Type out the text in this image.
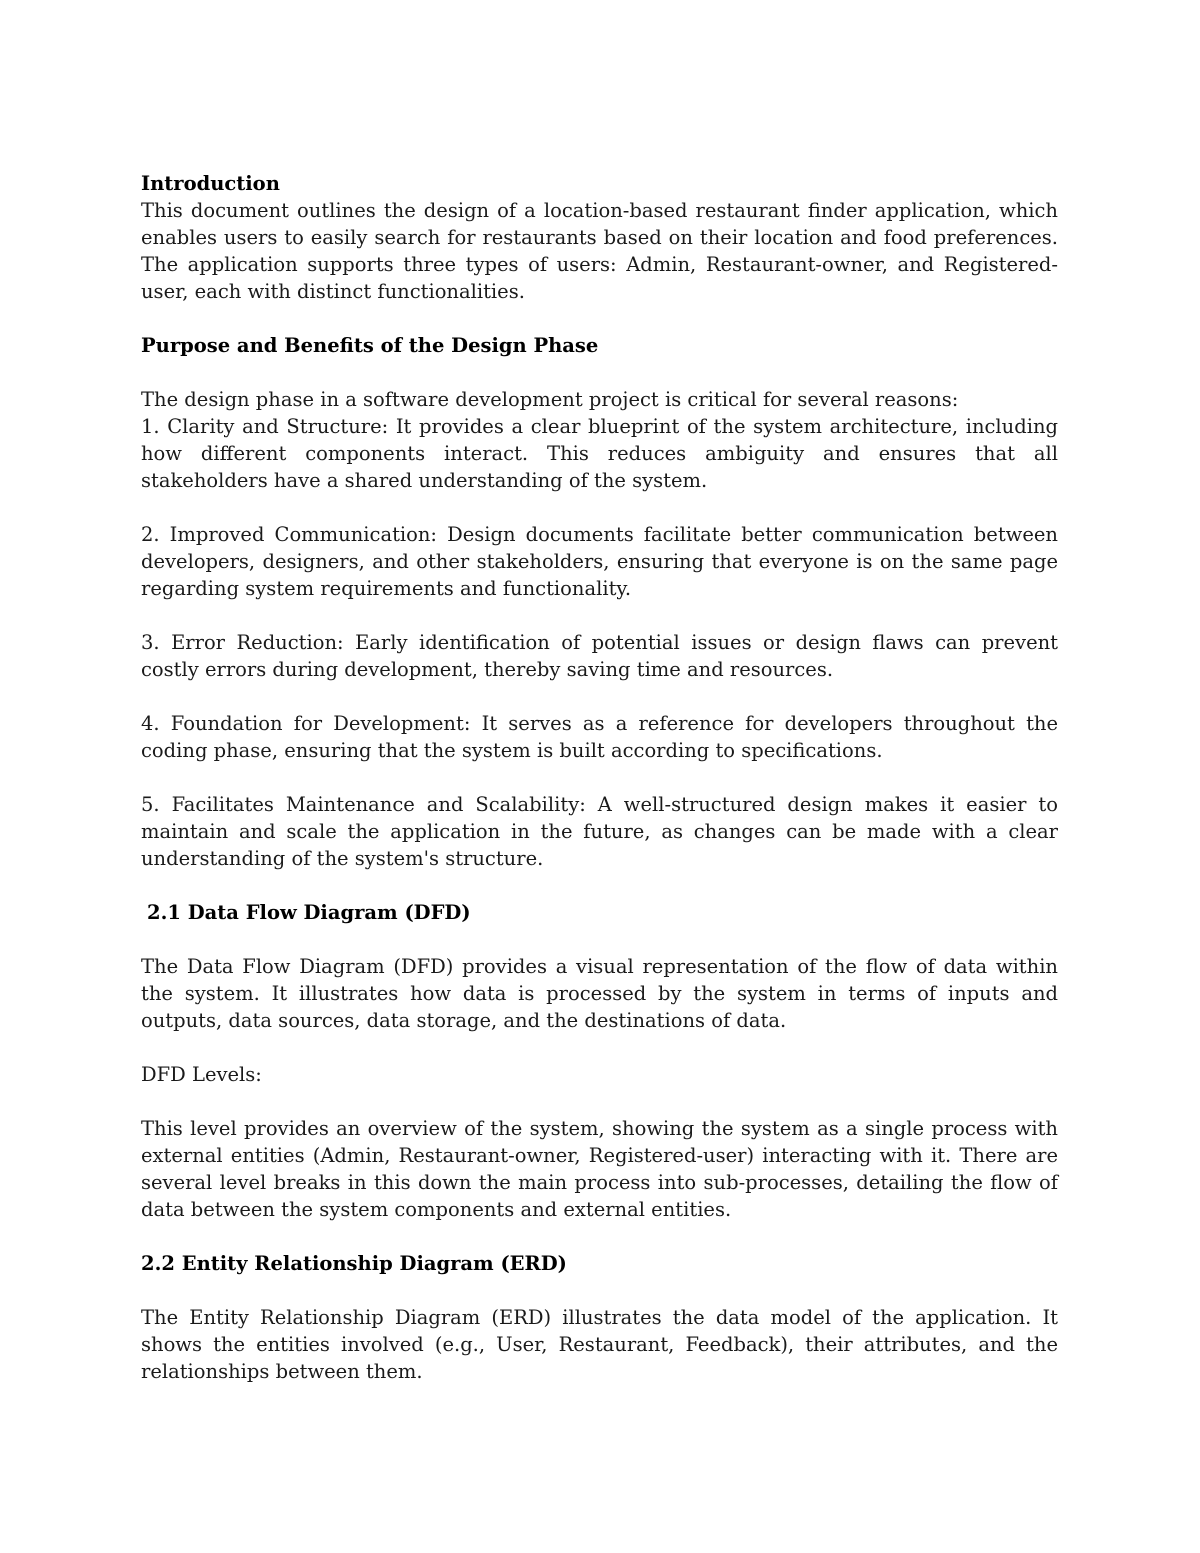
Introduction

This document outlines the design of a location-based restaurant finder application, which enables users to easily search for restaurants based on their location and food preferences. The application supports three types of users: Admin, Restaurant-owner, and Registered-user, each with distinct functionalities.

Purpose and Benefits of the Design Phase

The design phase in a software development project is critical for several reasons:

1. Clarity and Structure: It provides a clear blueprint of the system architecture, including how different components interact. This reduces ambiguity and ensures that all stakeholders have a shared understanding of the system.

2. Improved Communication: Design documents facilitate better communication between developers, designers, and other stakeholders, ensuring that everyone is on the same page regarding system requirements and functionality.

3. Error Reduction: Early identification of potential issues or design flaws can prevent costly errors during development, thereby saving time and resources.

4. Foundation for Development: It serves as a reference for developers throughout the coding phase, ensuring that the system is built according to specifications.

5. Facilitates Maintenance and Scalability: A well-structured design makes it easier to maintain and scale the application in the future, as changes can be made with a clear understanding of the system's structure.

2.1 Data Flow Diagram (DFD)

The Data Flow Diagram (DFD) provides a visual representation of the flow of data within the system. It illustrates how data is processed by the system in terms of inputs and outputs, data sources, data storage, and the destinations of data.

DFD Levels:

This level provides an overview of the system, showing the system as a single process with external entities (Admin, Restaurant-owner, Registered-user) interacting with it. There are several level breaks in this down the main process into sub-processes, detailing the flow of data between the system components and external entities.

2.2 Entity Relationship Diagram (ERD)

The Entity Relationship Diagram (ERD) illustrates the data model of the application. It shows the entities involved (e.g., User, Restaurant, Feedback), their attributes, and the relationships between them.
